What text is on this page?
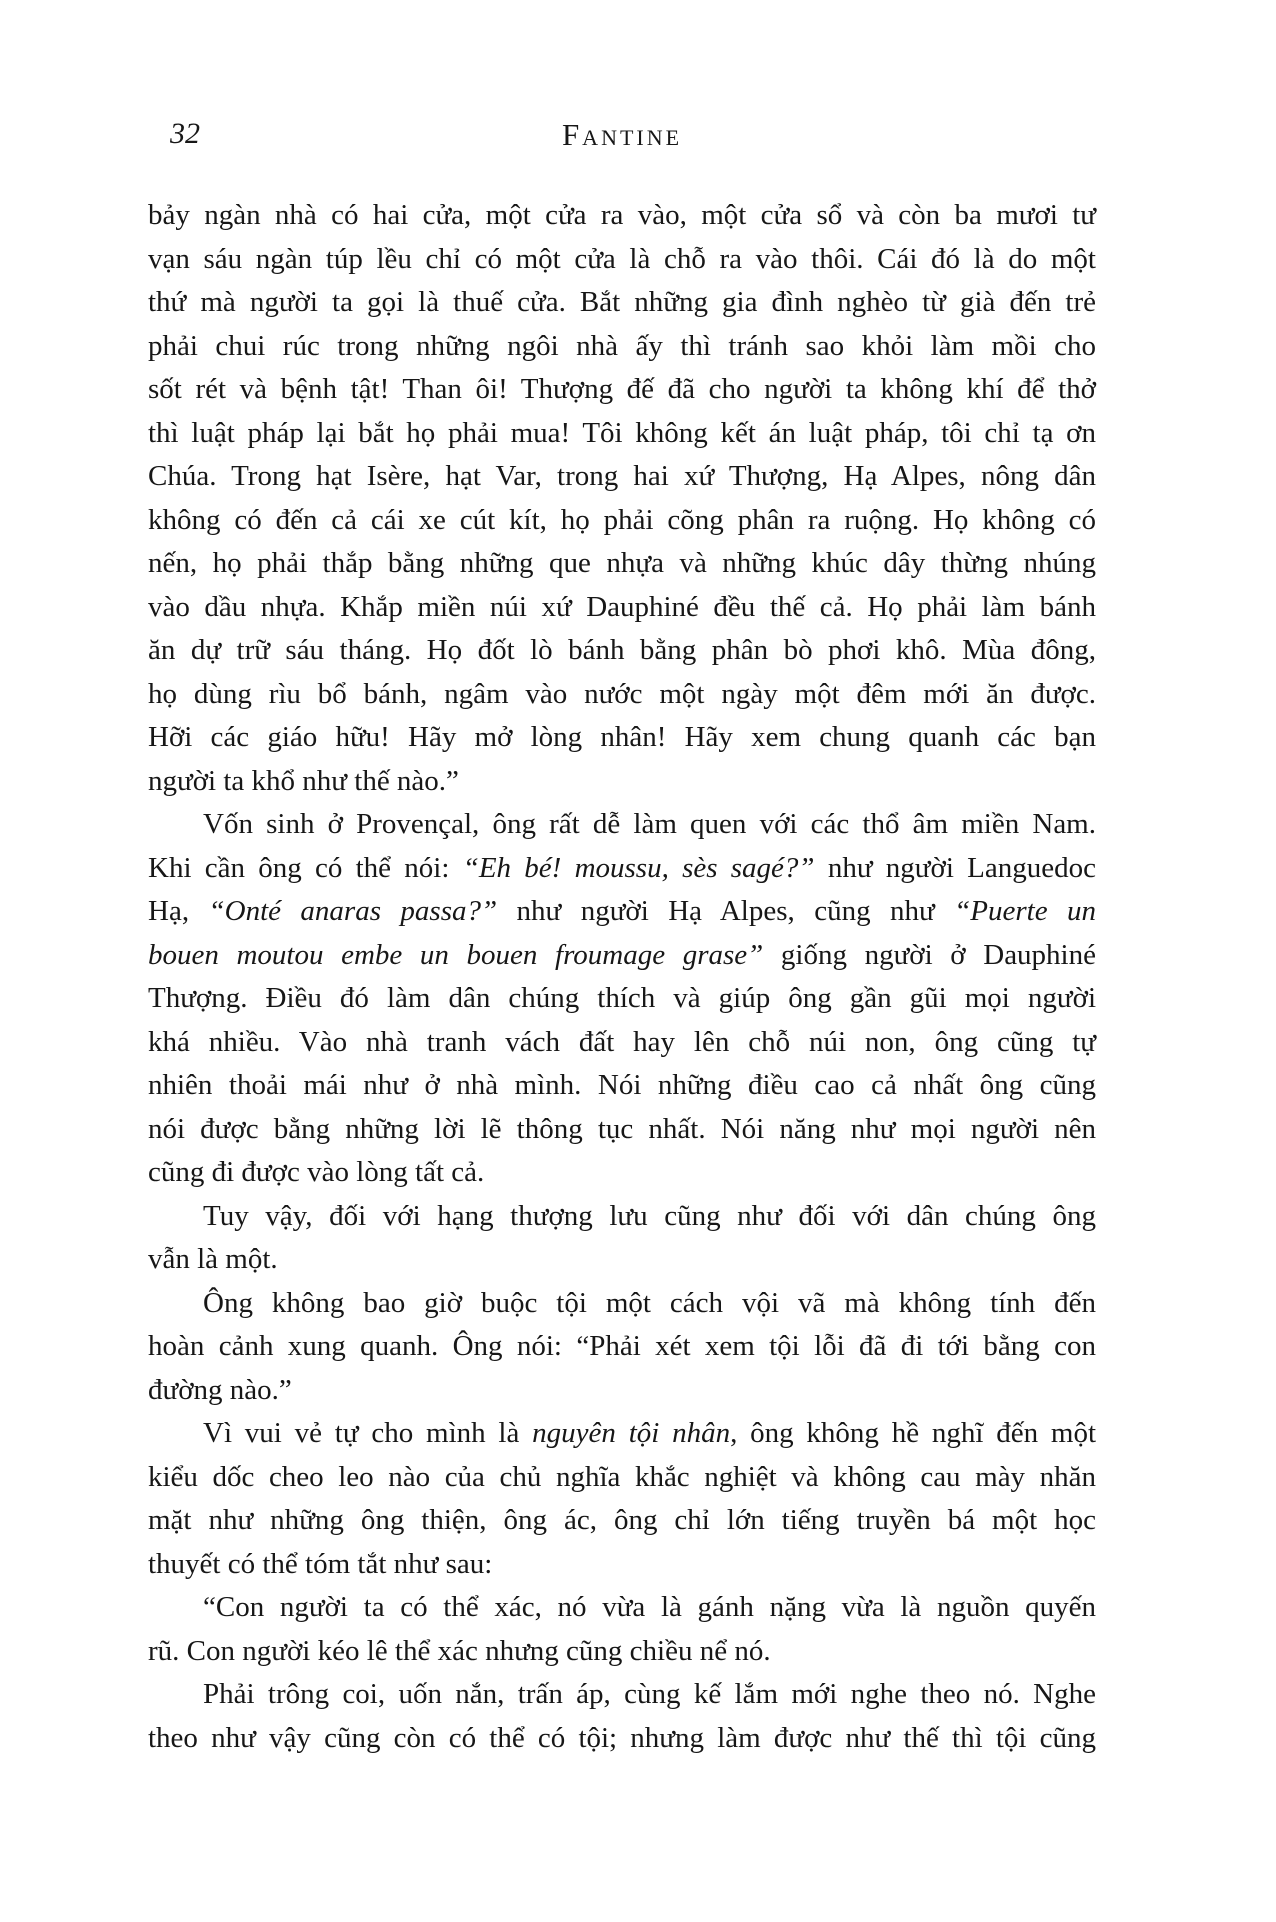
32	Fantine
bảy ngàn nhà có hai cửa, một cửa ra vào, một cửa sổ và còn ba mươi tư
vạn sáu ngàn túp lều chỉ có một cửa là chỗ ra vào thôi. Cái đó là do một
thứ mà người ta gọi là thuế cửa. Bắt những gia đình nghèo từ già đến trẻ
phải chui rúc trong những ngôi nhà ấy thì tránh sao khỏi làm mồi cho
sốt rét và bệnh tật! Than ôi! Thượng đế đã cho người ta không khí để thở
thì luật pháp lại bắt họ phải mua! Tôi không kết án luật pháp, tôi chỉ tạ ơn
Chúa. Trong hạt Isère, hạt Var, trong hai xứ Thượng, Hạ Alpes, nông dân
không có đến cả cái xe cút kít, họ phải cõng phân ra ruộng. Họ không có
nến, họ phải thắp bằng những que nhựa và những khúc dây thừng nhúng
vào dầu nhựa. Khắp miền núi xứ Dauphiné đều thế cả. Họ phải làm bánh
ăn dự trữ sáu tháng. Họ đốt lò bánh bằng phân bò phơi khô. Mùa đông,
họ dùng rìu bổ bánh, ngâm vào nước một ngày một đêm mới ăn được.
Hỡi các giáo hữu! Hãy mở lòng nhân! Hãy xem chung quanh các bạn
người ta khổ như thế nào.”
Vốn sinh ở Provençal, ông rất dễ làm quen với các thổ âm miền Nam.
Khi cần ông có thể nói: “Eh bé! moussu, sès sagé?” như người Languedoc
Hạ, “Onté anaras passa?” như người Hạ Alpes, cũng như “Puerte un
bouen moutou embe un bouen froumage grase” giống người ở Dauphiné
Thượng. Điều đó làm dân chúng thích và giúp ông gần gũi mọi người
khá nhiều. Vào nhà tranh vách đất hay lên chỗ núi non, ông cũng tự
nhiên thoải mái như ở nhà mình. Nói những điều cao cả nhất ông cũng
nói được bằng những lời lẽ thông tục nhất. Nói năng như mọi người nên
cũng đi được vào lòng tất cả.
Tuy vậy, đối với hạng thượng lưu cũng như đối với dân chúng ông
vẫn là một.
Ông không bao giờ buộc tội một cách vội vã mà không tính đến
hoàn cảnh xung quanh. Ông nói: “Phải xét xem tội lỗi đã đi tới bằng con
đường nào.”
Vì vui vẻ tự cho mình là nguyên tội nhân, ông không hề nghĩ đến một
kiểu dốc cheo leo nào của chủ nghĩa khắc nghiệt và không cau mày nhăn
mặt như những ông thiện, ông ác, ông chỉ lớn tiếng truyền bá một học
thuyết có thể tóm tắt như sau:
“Con người ta có thể xác, nó vừa là gánh nặng vừa là nguồn quyến
rũ. Con người kéo lê thể xác nhưng cũng chiều nể nó.
Phải trông coi, uốn nắn, trấn áp, cùng kế lắm mới nghe theo nó. Nghe
theo như vậy cũng còn có thể có tội; nhưng làm được như thế thì tội cũng
